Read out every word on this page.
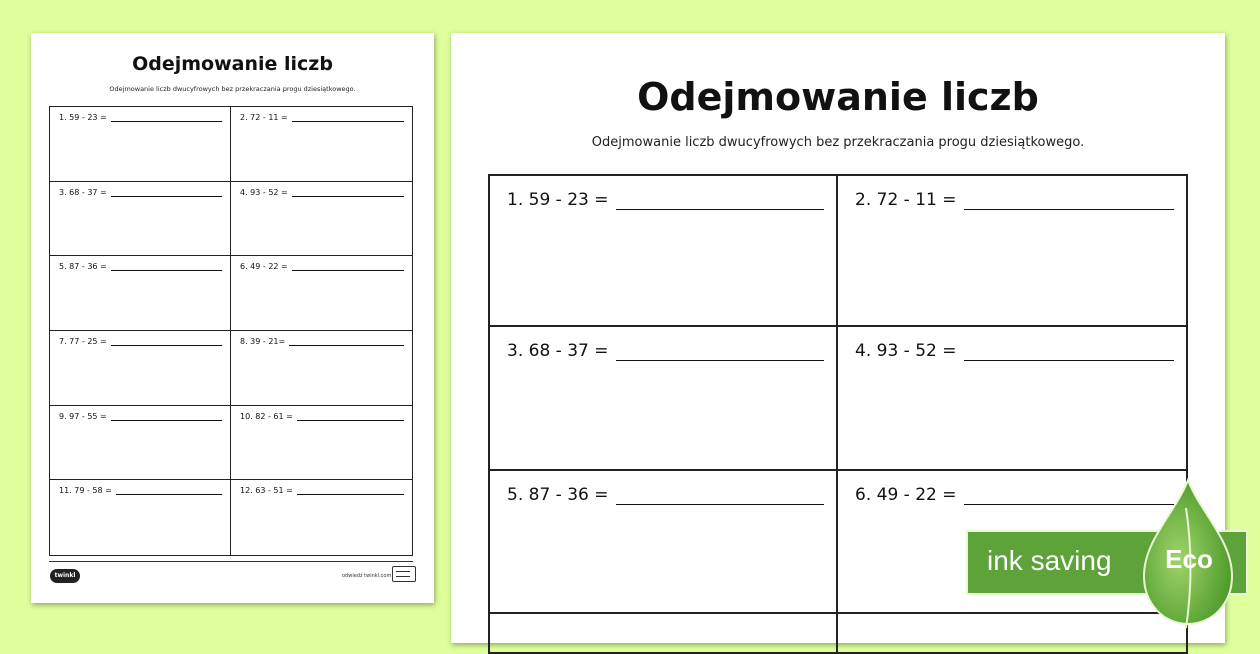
Odejmowanie liczb
Odejmowanie liczb dwucyfrowych bez przekraczania progu dziesiątkowego.
1. 59 - 23 =	2. 72 - 11 =
3. 68 - 37 =	4. 93 - 52 =
5. 87 - 36 =	6. 49 - 22 =
7. 77 - 25 =	8. 39 - 21=
9. 97 - 55 =	10. 82 - 61 =
11. 79 - 58 =	12. 63 - 51 =
twinkl	odwiedź twinkl.com
Odejmowanie liczb
Odejmowanie liczb dwucyfrowych bez przekraczania progu dziesiątkowego.
1. 59 - 23 =	2. 72 - 11 =
3. 68 - 37 =	4. 93 - 52 =
5. 87 - 36 =	6. 49 - 22 =
ink saving	Eco
